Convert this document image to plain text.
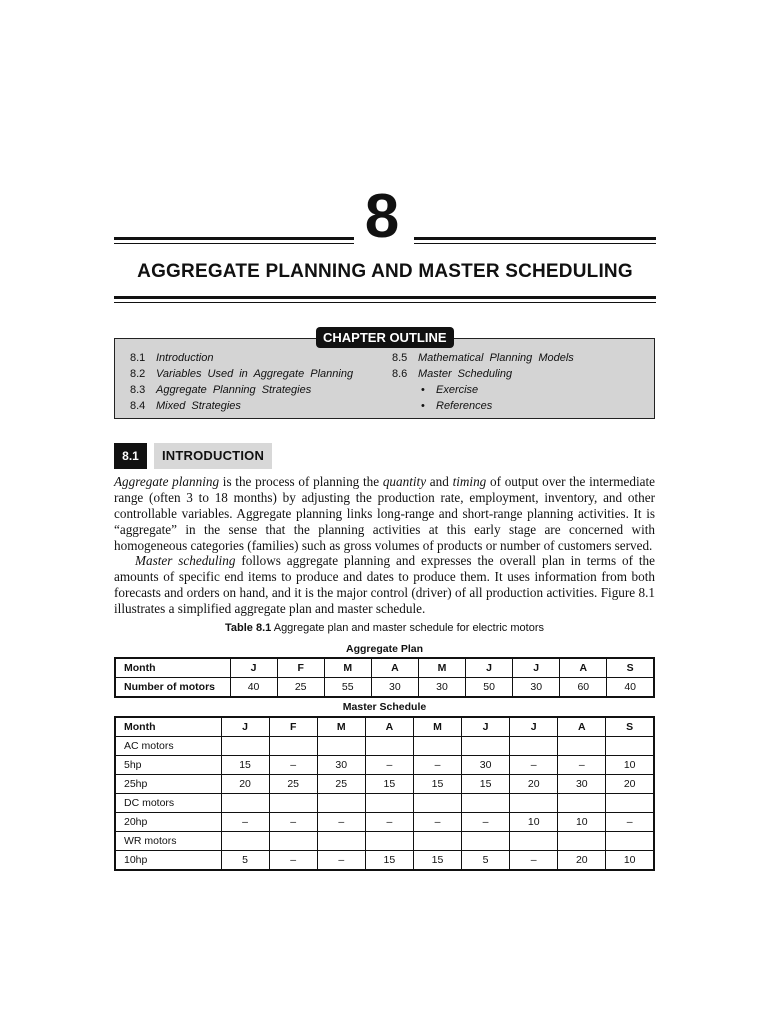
8
AGGREGATE PLANNING AND MASTER SCHEDULING
CHAPTER OUTLINE
8.1 Introduction
8.2 Variables Used in Aggregate Planning
8.3 Aggregate Planning Strategies
8.4 Mixed Strategies
8.5 Mathematical Planning Models
8.6 Master Scheduling
• Exercise
• References
8.1	INTRODUCTION

Aggregate planning is the process of planning the quantity and timing of output over the intermediate range (often 3 to 18 months) by adjusting the production rate, employment, inventory, and other controllable variables. Aggregate planning links long-range and short-range planning activities. It is “aggregate” in the sense that the planning activities at this early stage are concerned with homogeneous categories (families) such as gross volumes of products or number of customers served.

Master scheduling follows aggregate planning and expresses the overall plan in terms of the amounts of specific end items to produce and dates to produce them. It uses information from both forecasts and orders on hand, and it is the major control (driver) of all production activities. Figure 8.1 illustrates a simplified aggregate plan and master schedule.

Table 8.1 Aggregate plan and master schedule for electric motors
Aggregate Plan
Month	J	F	M	A	M	J	J	A	S
Number of motors	40	25	55	30	30	50	30	60	40
Master Schedule
Month	J	F	M	A	M	J	J	A	S
AC motors									
5hp	15	–	30	–	–	30	–	–	10
25hp	20	25	25	15	15	15	20	30	20
DC motors									
20hp	–	–	–	–	–	–	10	10	–
WR motors									
10hp	5	–	–	15	15	5	–	20	10
